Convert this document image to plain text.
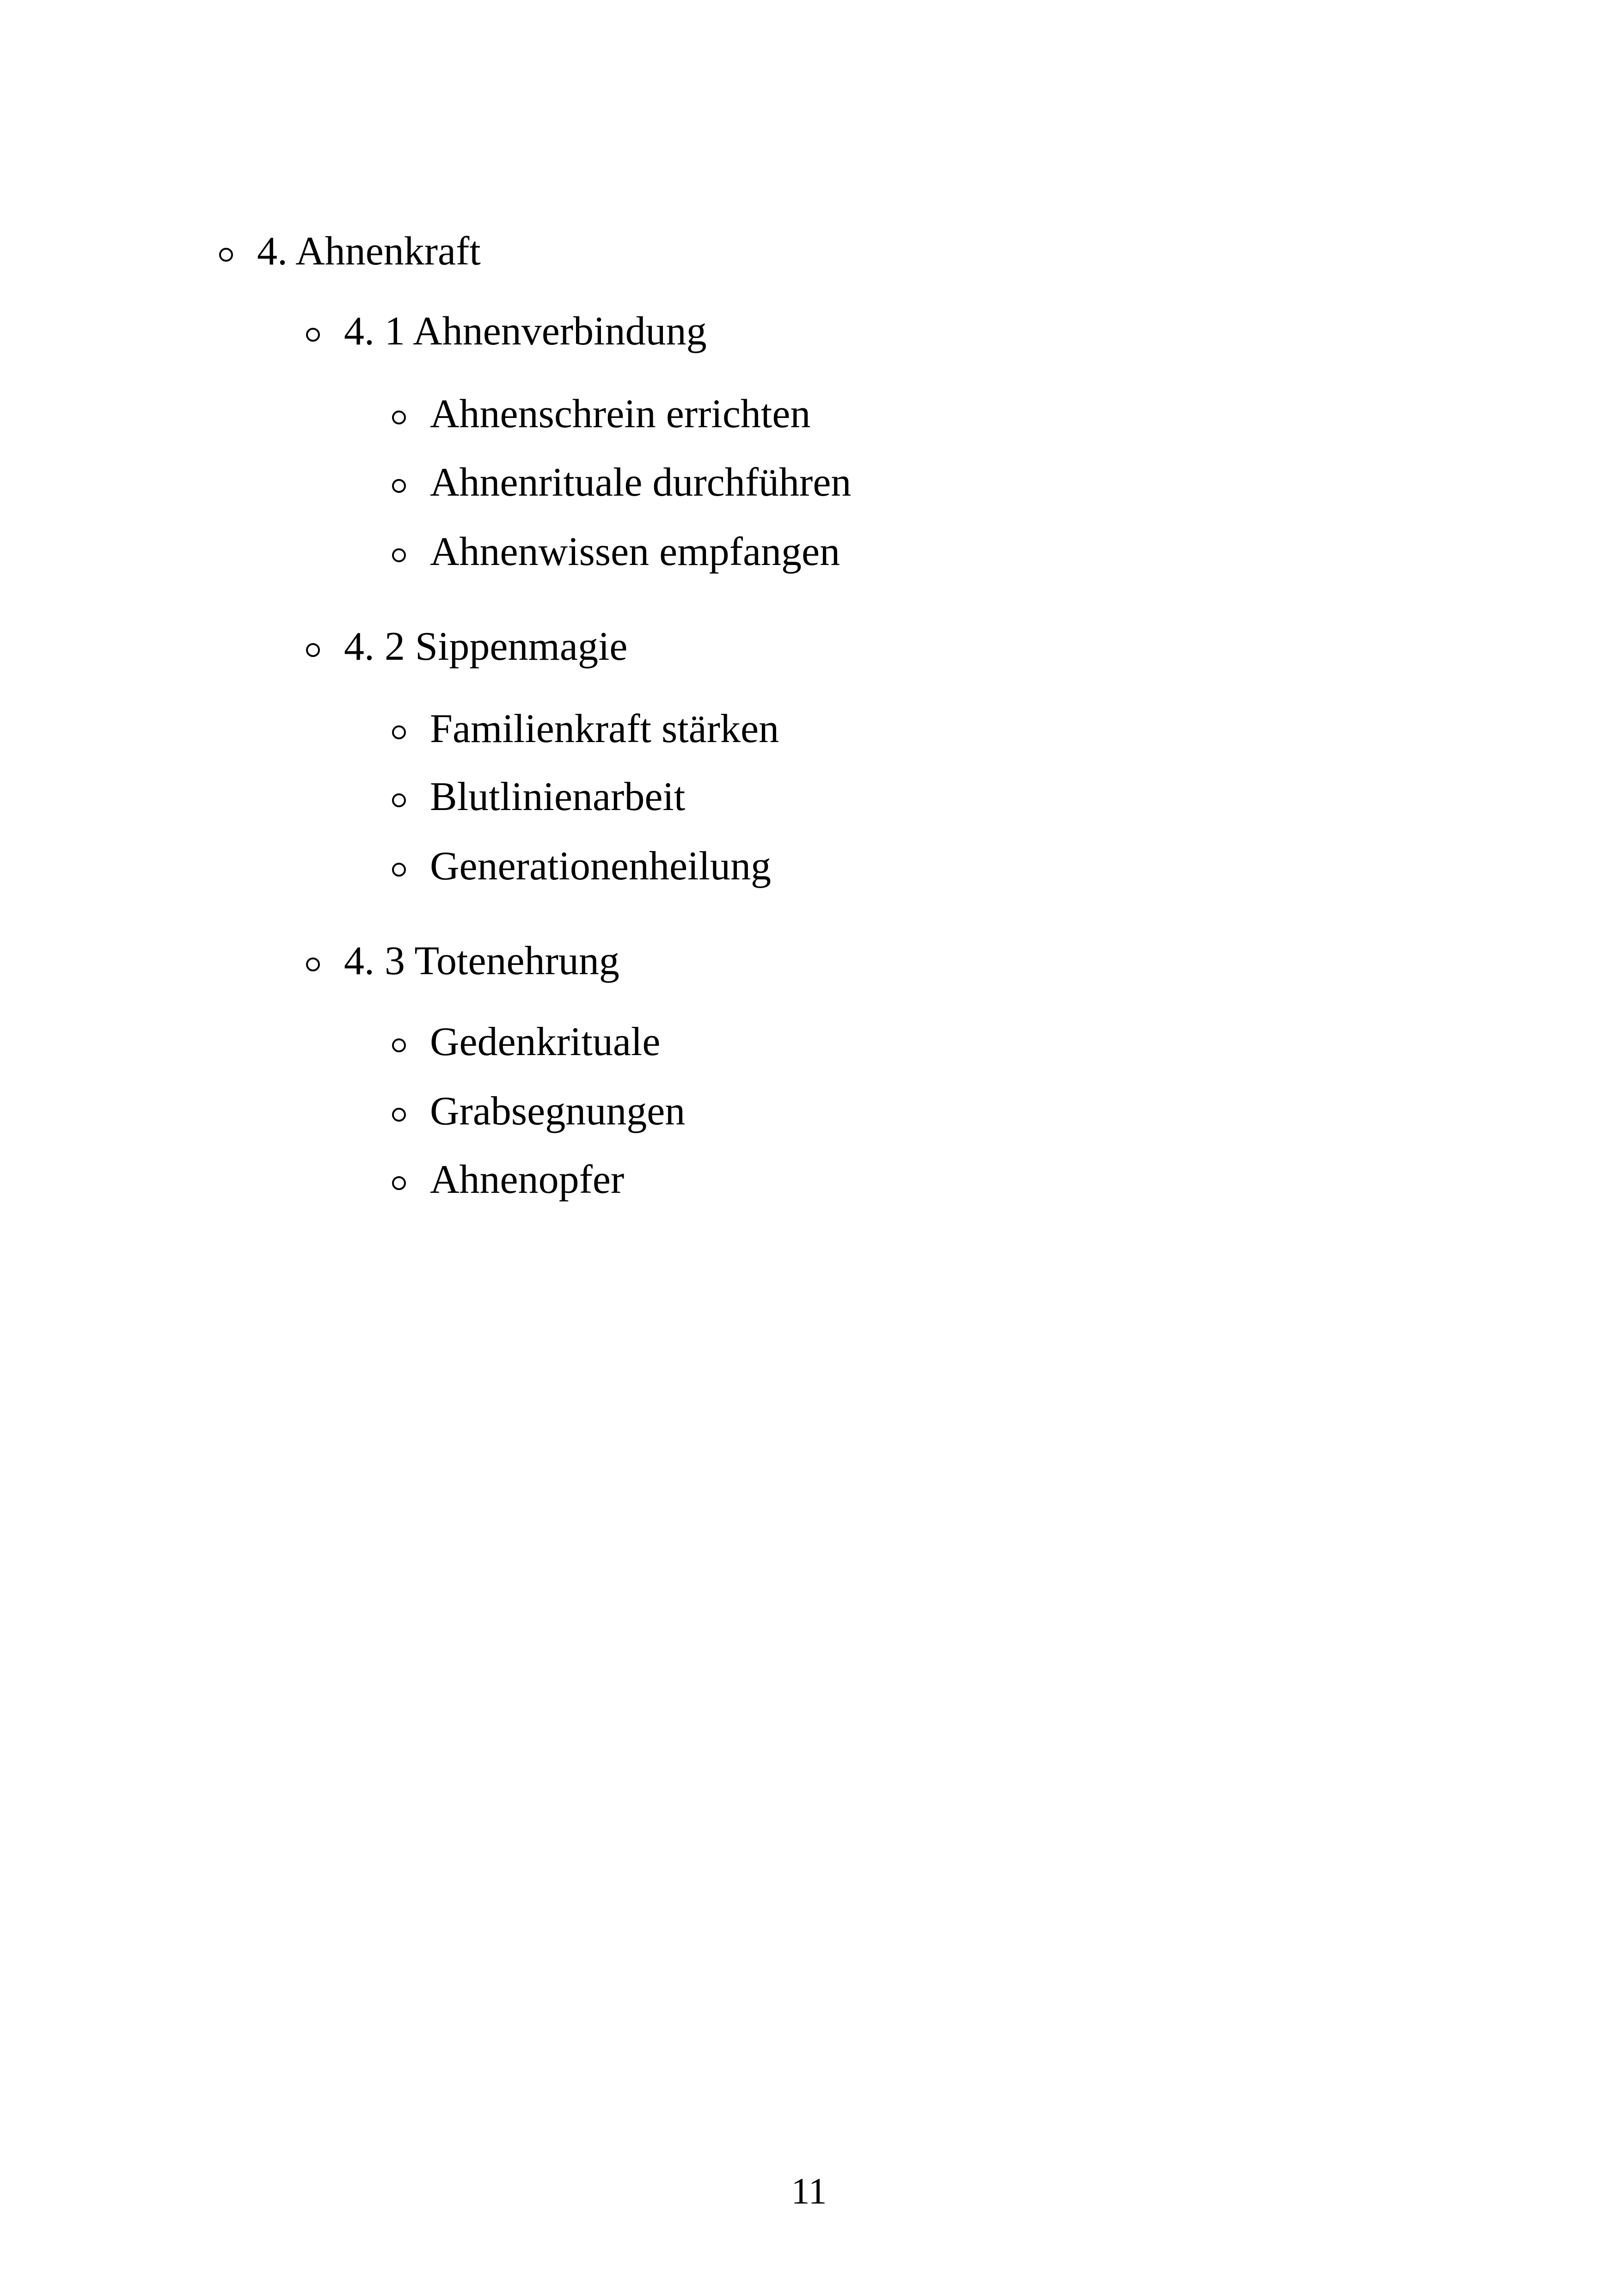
4. Ahnenkraft
4. 1 Ahnenverbindung
Ahnenschrein errichten
Ahnenrituale durchführen
Ahnenwissen empfangen
4. 2 Sippenmagie
Familienkraft stärken
Blutlinienarbeit
Generationenheilung
4. 3 Totenehrung
Gedenkrituale
Grabsegnungen
Ahnenopfer
11
